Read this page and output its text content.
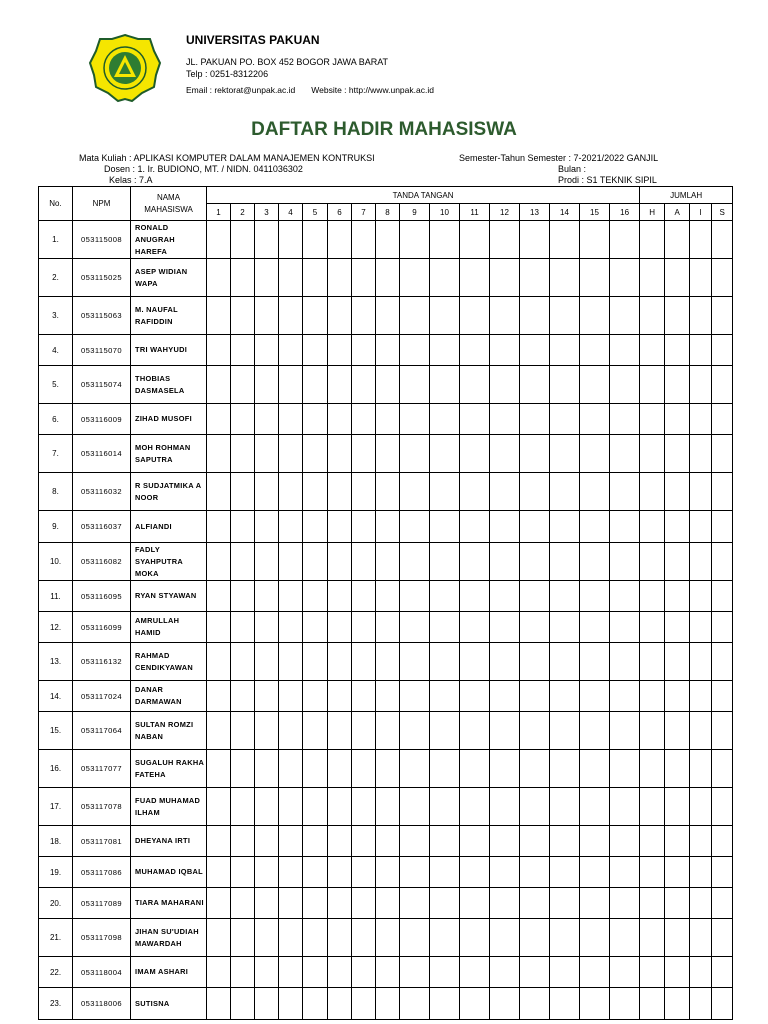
UNIVERSITAS PAKUAN
JL. PAKUAN PO. BOX 452 BOGOR JAWA BARAT
Telp : 0251-8312206
Email : rektorat@unpak.ac.id Website : http://www.unpak.ac.id
DAFTAR HADIR MAHASISWA
Mata Kuliah : APLIKASI KOMPUTER DALAM MANAJEMEN KONTRUKSI
Dosen : 1. Ir. BUDIONO, MT. / NIDN. 0411036302
Kelas : 7.A
Semester-Tahun Semester : 7-2021/2022 GANJIL
Bulan :
Prodi : S1 TEKNIK SIPIL
No.	NPM	NAMA MAHASISWA	TANDA TANGAN																JUMLAH			
			1	2	3	4	5	6	7	8	9	10	11	12	13	14	15	16	H	A	I	S
1.	053115008	RONALD ANUGRAH HAREFA																				
2.	053115025	ASEP WIDIAN WAPA																				
3.	053115063	M. NAUFAL RAFIDDIN																				
4.	053115070	TRI WAHYUDI																				
5.	053115074	THOBIAS DASMASELA																				
6.	053116009	ZIHAD MUSOFI																				
7.	053116014	MOH ROHMAN SAPUTRA																				
8.	053116032	R SUDJATMIKA A NOOR																				
9.	053116037	ALFIANDI																				
10.	053116082	FADLY SYAHPUTRA MOKA																				
11.	053116095	RYAN STYAWAN																				
12.	053116099	AMRULLAH HAMID																				
13.	053116132	RAHMAD CENDIKYAWAN																				
14.	053117024	DANAR DARMAWAN																				
15.	053117064	SULTAN ROMZI NABAN																				
16.	053117077	SUGALUH RAKHA FATEHA																				
17.	053117078	FUAD MUHAMAD ILHAM																				
18.	053117081	DHEYANA IRTI																				
19.	053117086	MUHAMAD IQBAL																				
20.	053117089	TIARA MAHARANI																				
21.	053117098	JIHAN SU'UDIAH MAWARDAH																				
22.	053118004	IMAM ASHARI																				
23.	053118006	SUTISNA																				
